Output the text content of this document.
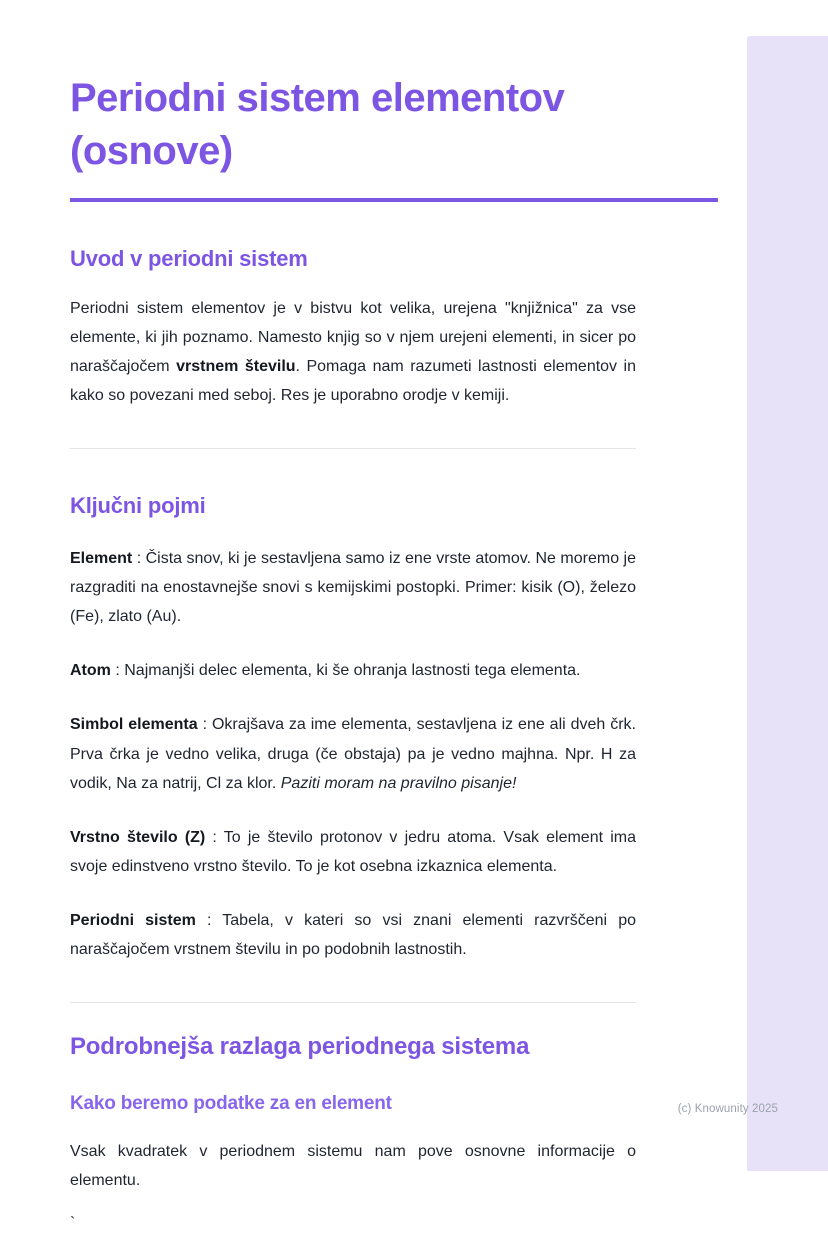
Periodni sistem elementov (osnove)
Uvod v periodni sistem

Periodni sistem elementov je v bistvu kot velika, urejena "knjižnica" za vse elemente, ki jih poznamo. Namesto knjig so v njem urejeni elementi, in sicer po naraščajočem vrstnem številu. Pomaga nam razumeti lastnosti elementov in kako so povezani med seboj. Res je uporabno orodje v kemiji.

Ključni pojmi

Element : Čista snov, ki je sestavljena samo iz ene vrste atomov. Ne moremo je razgraditi na enostavnejše snovi s kemijskimi postopki. Primer: kisik (O), železo (Fe), zlato (Au).

Atom : Najmanjši delec elementa, ki še ohranja lastnosti tega elementa.

Simbol elementa : Okrajšava za ime elementa, sestavljena iz ene ali dveh črk. Prva črka je vedno velika, druga (če obstaja) pa je vedno majhna. Npr. H za vodik, Na za natrij, Cl za klor. Paziti moram na pravilno pisanje!

Vrstno število (Z) : To je število protonov v jedru atoma. Vsak element ima svoje edinstveno vrstno število. To je kot osebna izkaznica elementa.

Periodni sistem : Tabela, v kateri so vsi znani elementi razvrščeni po naraščajočem vrstnem številu in po podobnih lastnostih.

Podrobnejša razlaga periodnega sistema
Kako beremo podatke za en element

Vsak kvadratek v periodnem sistemu nam pove osnovne informacije o elementu.

`

(c) Knowunity 2025
